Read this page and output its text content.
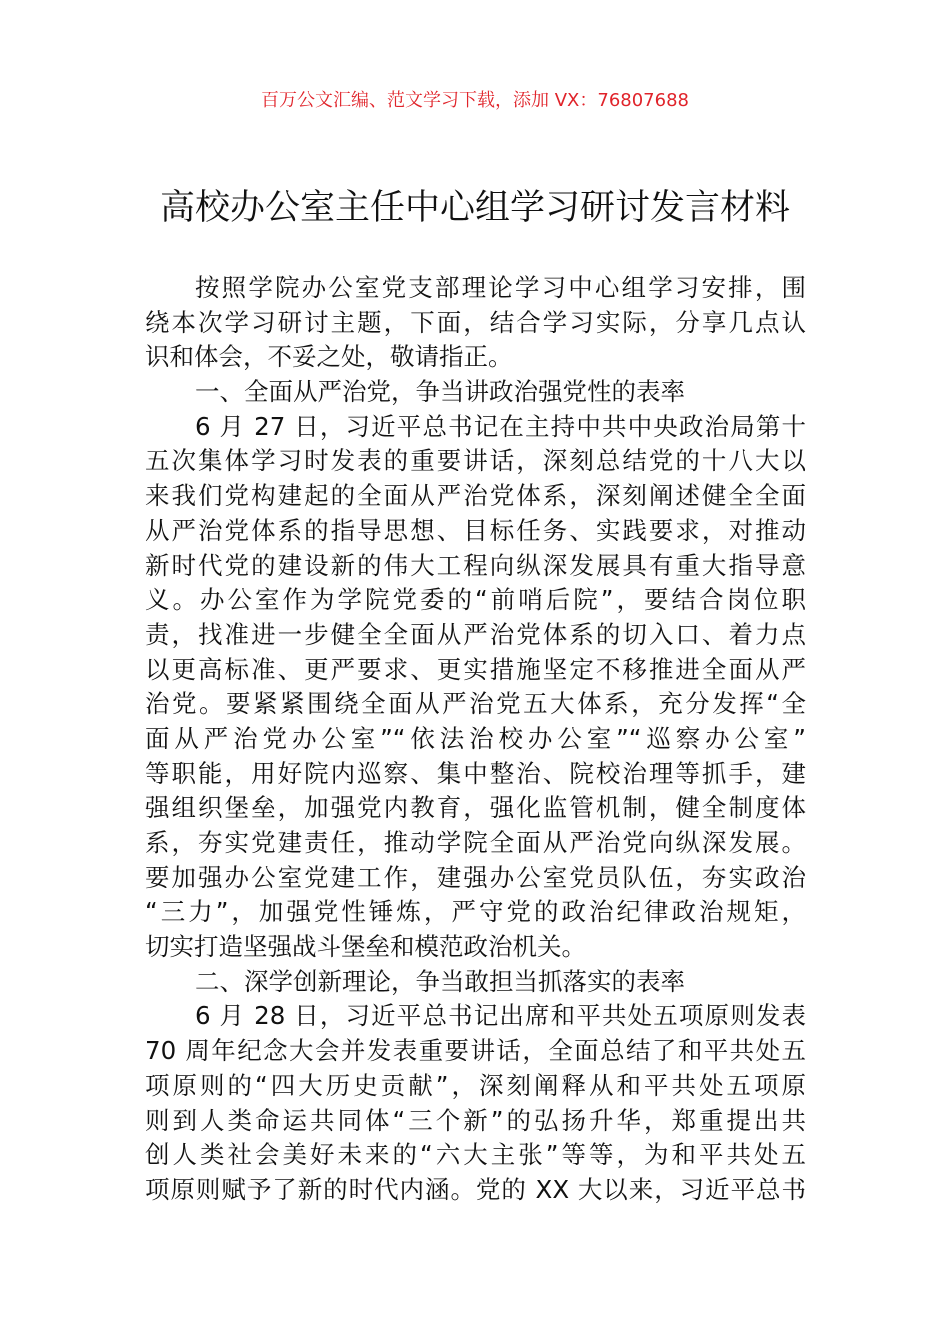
百万公文汇编、范文学习下载，添加 VX：76807688
高校办公室主任中心组学习研讨发言材料
按照学院办公室党支部理论学习中心组学习安排，围
绕本次学习研讨主题，下面，结合学习实际，分享几点认
识和体会，不妥之处，敬请指正。
一、全面从严治党，争当讲政治强党性的表率
6 月 27 日，习近平总书记在主持中共中央政治局第十
五次集体学习时发表的重要讲话，深刻总结党的十八大以
来我们党构建起的全面从严治党体系，深刻阐述健全全面
从严治党体系的指导思想、目标任务、实践要求，对推动
新时代党的建设新的伟大工程向纵深发展具有重大指导意
义。办公室作为学院党委的“前哨后院”，要结合岗位职
责，找准进一步健全全面从严治党体系的切入口、着力点
以更高标准、更严要求、更实措施坚定不移推进全面从严
治党。要紧紧围绕全面从严治党五大体系，充分发挥“全
面从严治党办公室”“依法治校办公室”“巡察办公室”
等职能，用好院内巡察、集中整治、院校治理等抓手，建
强组织堡垒，加强党内教育，强化监管机制，健全制度体
系，夯实党建责任，推动学院全面从严治党向纵深发展。
要加强办公室党建工作，建强办公室党员队伍，夯实政治
“三力”，加强党性锤炼，严守党的政治纪律政治规矩，
切实打造坚强战斗堡垒和模范政治机关。
二、深学创新理论，争当敢担当抓落实的表率
6 月 28 日，习近平总书记出席和平共处五项原则发表
70 周年纪念大会并发表重要讲话，全面总结了和平共处五
项原则的“四大历史贡献”，深刻阐释从和平共处五项原
则到人类命运共同体“三个新”的弘扬升华，郑重提出共
创人类社会美好未来的“六大主张”等等，为和平共处五
项原则赋予了新的时代内涵。党的 XX 大以来，习近平总书
